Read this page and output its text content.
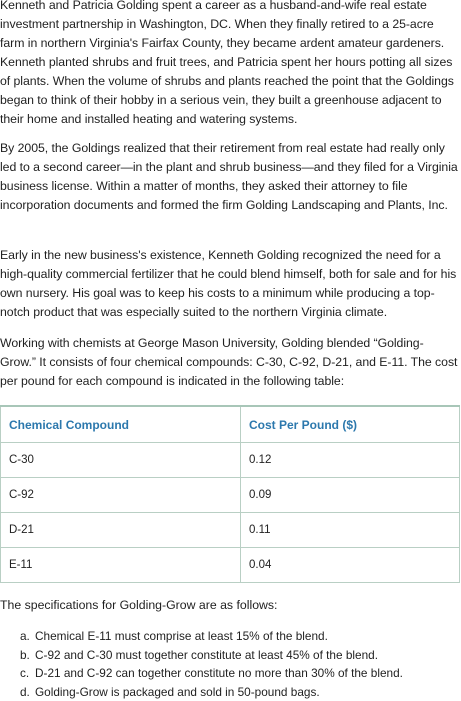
Kenneth and Patricia Golding spent a career as a husband-and-wife real estate investment partnership in Washington, DC. When they finally retired to a 25-acre farm in northern Virginia's Fairfax County, they became ardent amateur gardeners. Kenneth planted shrubs and fruit trees, and Patricia spent her hours potting all sizes of plants. When the volume of shrubs and plants reached the point that the Goldings began to think of their hobby in a serious vein, they built a greenhouse adjacent to their home and installed heating and watering systems.

By 2005, the Goldings realized that their retirement from real estate had really only led to a second career—in the plant and shrub business—and they filed for a Virginia business license. Within a matter of months, they asked their attorney to file incorporation documents and formed the firm Golding Landscaping and Plants, Inc.

Early in the new business's existence, Kenneth Golding recognized the need for a high-quality commercial fertilizer that he could blend himself, both for sale and for his own nursery. His goal was to keep his costs to a minimum while producing a top-notch product that was especially suited to the northern Virginia climate.

Working with chemists at George Mason University, Golding blended “Golding-Grow.” It consists of four chemical compounds: C-30, C-92, D-21, and E-11. The cost per pound for each compound is indicated in the following table:

Chemical Compound	Cost Per Pound ($)
C-30	0.12
C-92	0.09
D-21	0.11
E-11	0.04

The specifications for Golding-Grow are as follows:

a. Chemical E-11 must comprise at least 15% of the blend.
b. C-92 and C-30 must together constitute at least 45% of the blend.
c. D-21 and C-92 can together constitute no more than 30% of the blend.
d. Golding-Grow is packaged and sold in 50-pound bags.
